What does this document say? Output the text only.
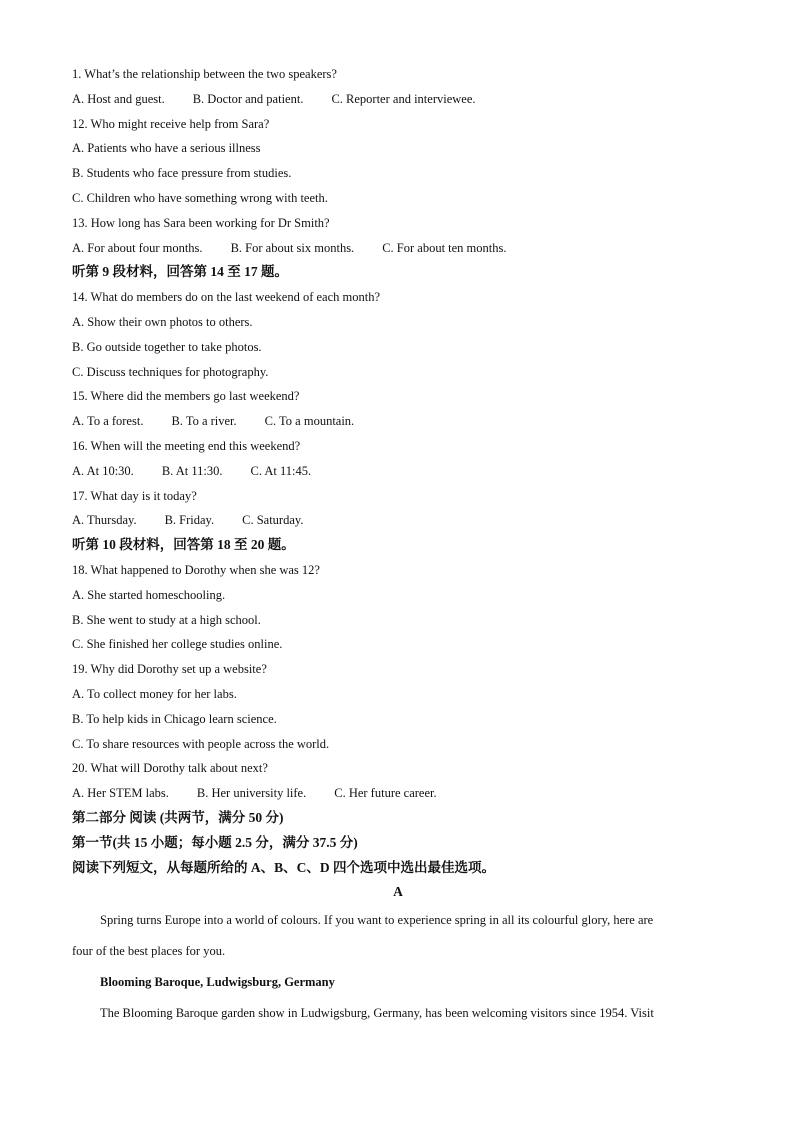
1. What’s the relationship between the two speakers?
A. Host and guest. B. Doctor and patient. C. Reporter and interviewee.
12. Who might receive help from Sara?
A. Patients who have a serious illness
B. Students who face pressure from studies.
C. Children who have something wrong with teeth.
13. How long has Sara been working for Dr Smith?
A. For about four months. B. For about six months. C. For about ten months.
听第 9 段材料，回答第 14 至 17 题。
14. What do members do on the last weekend of each month?
A. Show their own photos to others.
B. Go outside together to take photos.
C. Discuss techniques for photography.
15. Where did the members go last weekend?
A. To a forest. B. To a river. C. To a mountain.
16. When will the meeting end this weekend?
A. At 10:30. B. At 11:30. C. At 11:45.
17. What day is it today?
A. Thursday. B. Friday. C. Saturday.
听第 10 段材料，回答第 18 至 20 题。
18. What happened to Dorothy when she was 12?
A. She started homeschooling.
B. She went to study at a high school.
C. She finished her college studies online.
19. Why did Dorothy set up a website?
A. To collect money for her labs.
B. To help kids in Chicago learn science.
C. To share resources with people across the world.
20. What will Dorothy talk about next?
A. Her STEM labs. B. Her university life. C. Her future career.
第二部分 阅读 (共两节，满分 50 分)
第一节(共 15 小题；每小题 2.5 分，满分 37.5 分)
阅读下列短文，从每题所给的 A、B、C、D 四个选项中选出最佳选项。
A

Spring turns Europe into a world of colours. If you want to experience spring in all its colourful glory, here are

four of the best places for you.

Blooming Baroque, Ludwigsburg, Germany

The Blooming Baroque garden show in Ludwigsburg, Germany, has been welcoming visitors since 1954. Visit
